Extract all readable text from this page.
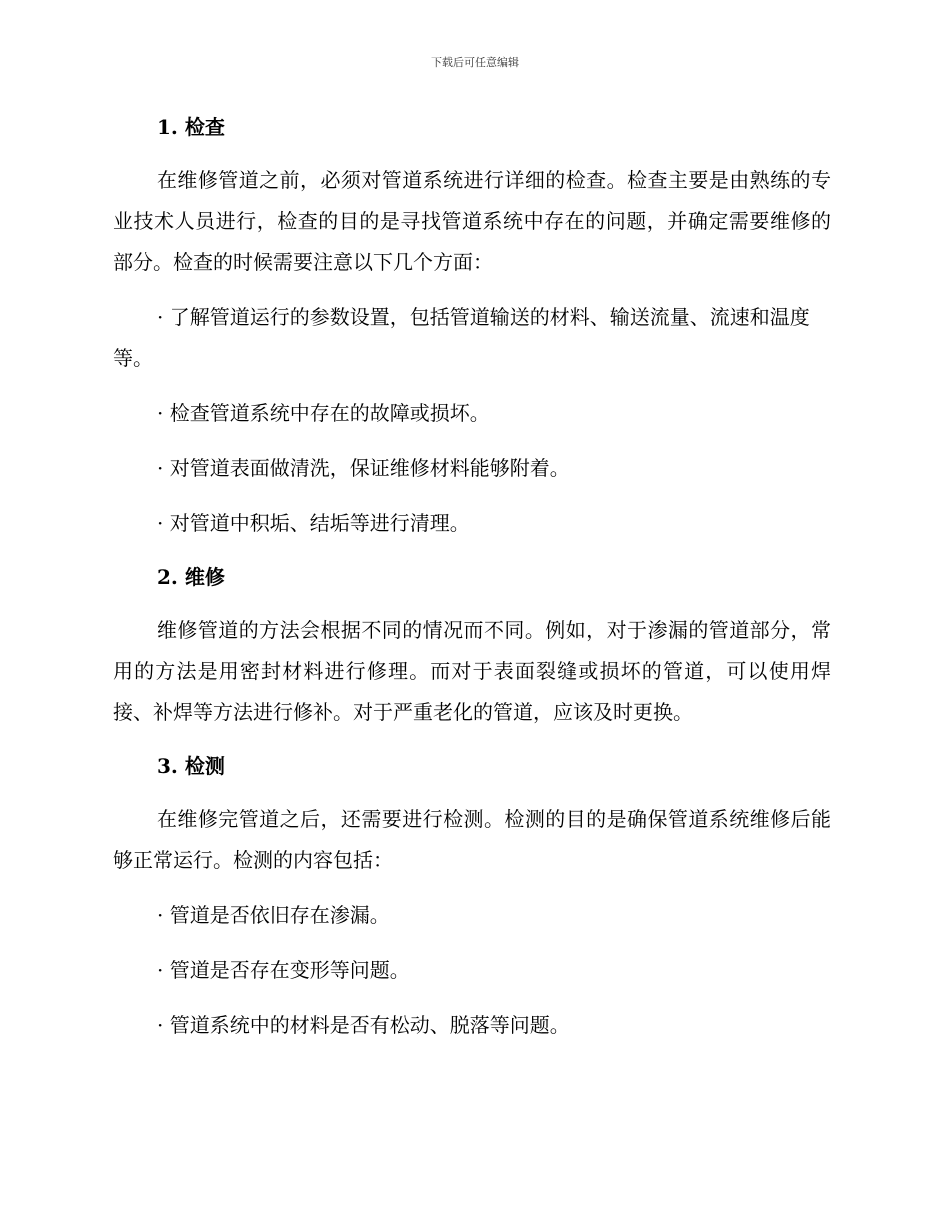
下载后可任意编辑
1. 检查

在维修管道之前，必须对管道系统进行详细的检查。检查主要是由熟练的专业技术人员进行，检查的目的是寻找管道系统中存在的问题，并确定需要维修的部分。检查的时候需要注意以下几个方面：

· 了解管道运行的参数设置，包括管道输送的材料、输送流量、流速和温度等。

· 检查管道系统中存在的故障或损坏。

· 对管道表面做清洗，保证维修材料能够附着。

· 对管道中积垢、结垢等进行清理。

2. 维修

维修管道的方法会根据不同的情况而不同。例如，对于渗漏的管道部分，常用的方法是用密封材料进行修理。而对于表面裂缝或损坏的管道，可以使用焊接、补焊等方法进行修补。对于严重老化的管道，应该及时更换。

3. 检测

在维修完管道之后，还需要进行检测。检测的目的是确保管道系统维修后能够正常运行。检测的内容包括：

· 管道是否依旧存在渗漏。

· 管道是否存在变形等问题。

· 管道系统中的材料是否有松动、脱落等问题。
